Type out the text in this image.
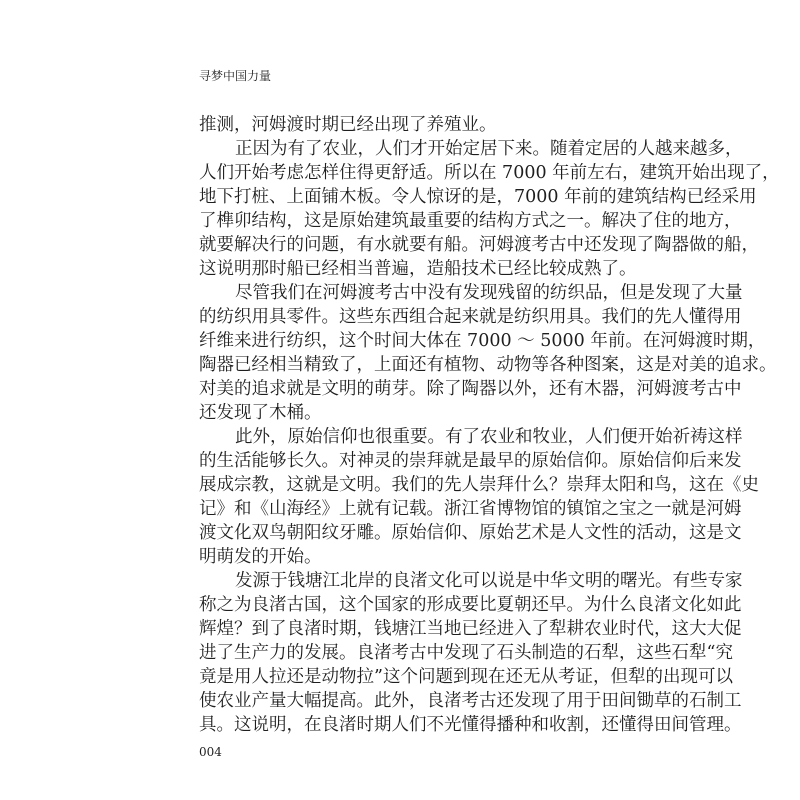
寻梦中国力量
推测，河姆渡时期已经出现了养殖业。
正因为有了农业，人们才开始定居下来。随着定居的人越来越多，
人们开始考虑怎样住得更舒适。所以在 7000 年前左右，建筑开始出现了，
地下打桩、上面铺木板。令人惊讶的是，7000 年前的建筑结构已经采用
了榫卯结构，这是原始建筑最重要的结构方式之一。解决了住的地方，
就要解决行的问题，有水就要有船。河姆渡考古中还发现了陶器做的船，
这说明那时船已经相当普遍，造船技术已经比较成熟了。
尽管我们在河姆渡考古中没有发现残留的纺织品，但是发现了大量
的纺织用具零件。这些东西组合起来就是纺织用具。我们的先人懂得用
纤维来进行纺织，这个时间大体在 7000 ～ 5000 年前。在河姆渡时期，
陶器已经相当精致了，上面还有植物、动物等各种图案，这是对美的追求。
对美的追求就是文明的萌芽。除了陶器以外，还有木器，河姆渡考古中
还发现了木桶。
此外，原始信仰也很重要。有了农业和牧业，人们便开始祈祷这样
的生活能够长久。对神灵的崇拜就是最早的原始信仰。原始信仰后来发
展成宗教，这就是文明。我们的先人崇拜什么？崇拜太阳和鸟，这在《史
记》和《山海经》上就有记载。浙江省博物馆的镇馆之宝之一就是河姆
渡文化双鸟朝阳纹牙雕。原始信仰、原始艺术是人文性的活动，这是文
明萌发的开始。
发源于钱塘江北岸的良渚文化可以说是中华文明的曙光。有些专家
称之为良渚古国，这个国家的形成要比夏朝还早。为什么良渚文化如此
辉煌？到了良渚时期，钱塘江当地已经进入了犁耕农业时代，这大大促
进了生产力的发展。良渚考古中发现了石头制造的石犁，这些石犁“究
竟是用人拉还是动物拉”这个问题到现在还无从考证，但犁的出现可以
使农业产量大幅提高。此外，良渚考古还发现了用于田间锄草的石制工
具。这说明，在良渚时期人们不光懂得播种和收割，还懂得田间管理。
004
